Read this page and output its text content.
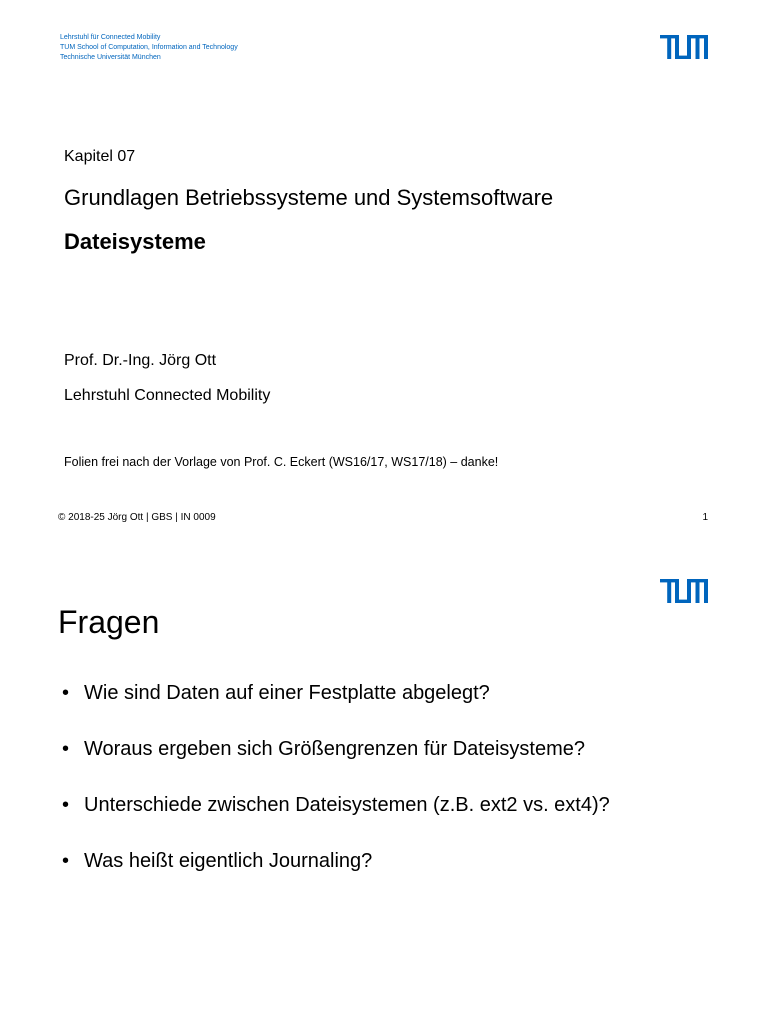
Lehrstuhl für Connected Mobility
TUM School of Computation, Information and Technology
Technische Universität München
Kapitel 07
Grundlagen Betriebssysteme und Systemsoftware
Dateisysteme
Prof. Dr.-Ing. Jörg Ott
Lehrstuhl Connected Mobility
Folien frei nach der Vorlage von Prof. C. Eckert (WS16/17, WS17/18) – danke!
© 2018-25 Jörg Ott | GBS | IN 0009	1
Fragen
• Wie sind Daten auf einer Festplatte abgelegt?
• Woraus ergeben sich Größengrenzen für Dateisysteme?
• Unterschiede zwischen Dateisystemen (z.B. ext2 vs. ext4)?
• Was heißt eigentlich Journaling?
